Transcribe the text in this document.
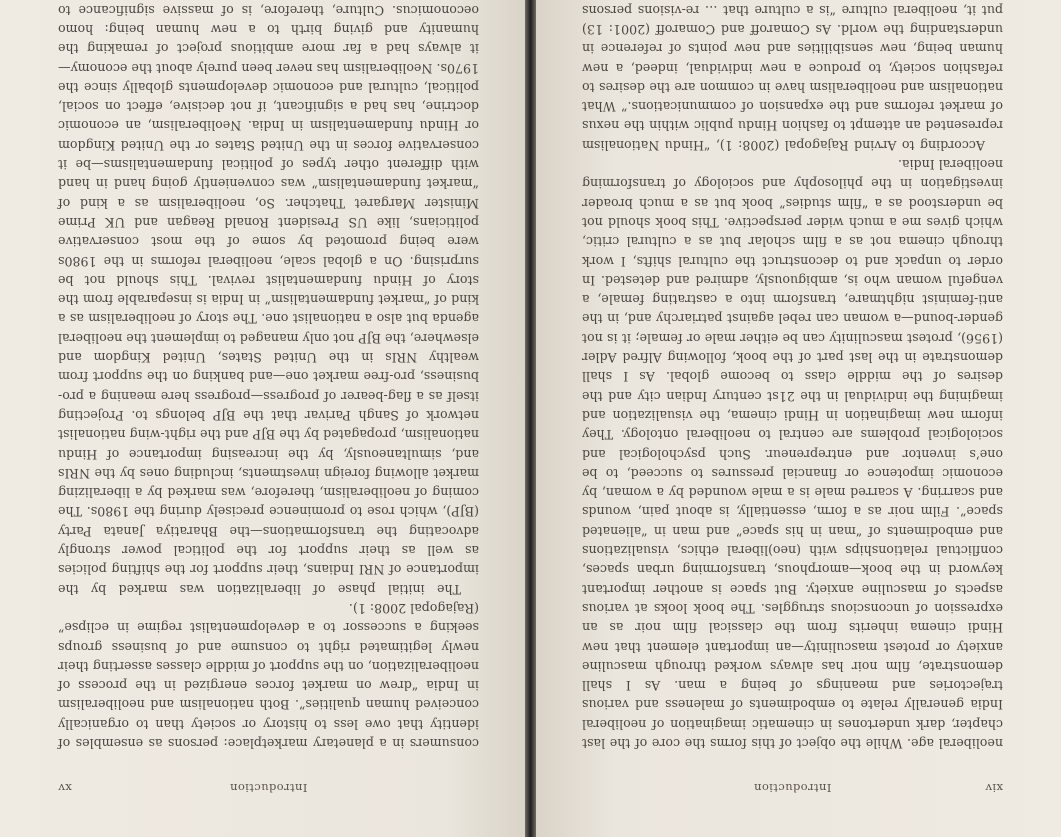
xiv
Introduction

neoliberal age. While the object of this forms the core of the last chapter, dark undertones in cinematic imagination of neoliberal India generally relate to embodiments of maleness and various trajectories and meanings of being a man. As I shall demonstrate, film noir has always worked through masculine anxiety or protest masculinity—an important element that new Hindi cinema inherits from the classical film noir as an expression of unconscious struggles. The book looks at various aspects of masculine anxiety. But space is another important keyword in the book—amorphous, transforming urban spaces, conflictual relationships with (neo)liberal ethics, visualizations and embodiments of “man in his space” and man in “alienated space”. Film noir as a form, essentially, is about pain, wounds and scarring. A scarred male is a male wounded by a woman, by economic impotence or financial pressures to succeed, to be one’s inventor and entrepreneur. Such psychological and sociological problems are central to neoliberal ontology. They inform new imagination in Hindi cinema, the visualization and imagining the individual in the 21st century Indian city and the desires of the middle class to become global. As I shall demonstrate in the last part of the book, following Alfred Adler (1956), protest masculinity can be either male or female; it is not gender-bound—a woman can rebel against patriarchy and, in the anti-feminist nightmare, transform into a castrating female, a vengeful woman who is, ambiguously, admired and detested. In order to unpack and to deconstruct the cultural shifts, I work through cinema not as a film scholar but as a cultural critic, which gives me a much wider perspective. This book should not be understood as a “film studies” book but as a much broader investigation in the philosophy and sociology of transforming neoliberal India.

According to Arvind Rajagopal (2008: 1), “Hindu Nationalism represented an attempt to fashion Hindu public within the nexus of market reforms and the expansion of communications.” What nationalism and neoliberalism have in common are the desires to refashion society, to produce a new individual, indeed, a new human being, new sensibilities and new points of reference in understanding the world. As Comaroff and Comaroff (2001: 13) put it, neoliberal culture “is a culture that … re-visions persons

Introduction
xv

consumers in a planetary marketplace: persons as ensembles of identity that owe less to history or society than to organically conceived human qualities”. Both nationalism and neoliberalism in India “drew on market forces energized in the process of neoliberalization, on the support of middle classes asserting their newly legitimated right to consume and of business groups seeking a successor to a developmentalist regime in eclipse” (Rajagopal 2008: 1).

The initial phase of liberalization was marked by the importance of NRI Indians, their support for the shifting policies as well as their support for the political power strongly advocating the transformations—the Bharatiya Janata Party (BJP), which rose to prominence precisely during the 1980s. The coming of neoliberalism, therefore, was marked by a liberalizing market allowing foreign investments, including ones by the NRIs and, simultaneously, by the increasing importance of Hindu nationalism, propagated by the BJP and the right-wing nationalist network of Sangh Parivar that the BJP belongs to. Projecting itself as a flag-bearer of progress—progress here meaning a pro-business, pro-free market one—and banking on the support from wealthy NRIs in the United States, United Kingdom and elsewhere, the BJP not only managed to implement the neoliberal agenda but also a nationalist one. The story of neoliberalism as a kind of “market fundamentalism” in India is inseparable from the story of Hindu fundamentalist revival. This should not be surprising. On a global scale, neoliberal reforms in the 1980s were being promoted by some of the most conservative politicians, like US President Ronald Reagan and UK Prime Minister Margaret Thatcher. So, neoliberalism as a kind of “market fundamentalism” was conveniently going hand in hand with different other types of political fundamentalisms—be it conservative forces in the United States or the United Kingdom or Hindu fundamentalism in India. Neoliberalism, an economic doctrine, has had a significant, if not decisive, effect on social, political, cultural and economic developments globally since the 1970s. Neoliberalism has never been purely about the economy—it always had a far more ambitious project of remaking the humanity and giving birth to a new human being: homo oeconomicus. Culture, therefore, is of massive significance to
